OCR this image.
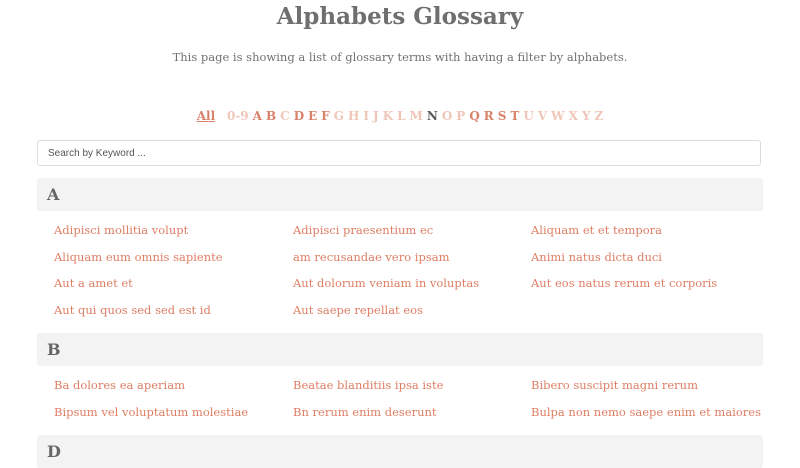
Alphabets Glossary

This page is showing a list of glossary terms with having a filter by alphabets.

All 0-9 A B C D E F G H I J K L M N O P Q R S T U V W X Y Z
Search by Keyword ...
A
Adipisci mollitia volupt	Adipisci praesentium ec	Aliquam et et tempora
Aliquam eum omnis sapiente	am recusandae vero ipsam	Animi natus dicta duci
Aut a amet et	Aut dolorum veniam in voluptas	Aut eos natus rerum et corporis
Aut qui quos sed sed est id	Aut saepe repellat eos
B
Ba dolores ea aperiam	Beatae blanditiis ipsa iste	Bibero suscipit magni rerum
Bipsum vel voluptatum molestiae	Bn rerum enim deserunt	Bulpa non nemo saepe enim et maiores
D
